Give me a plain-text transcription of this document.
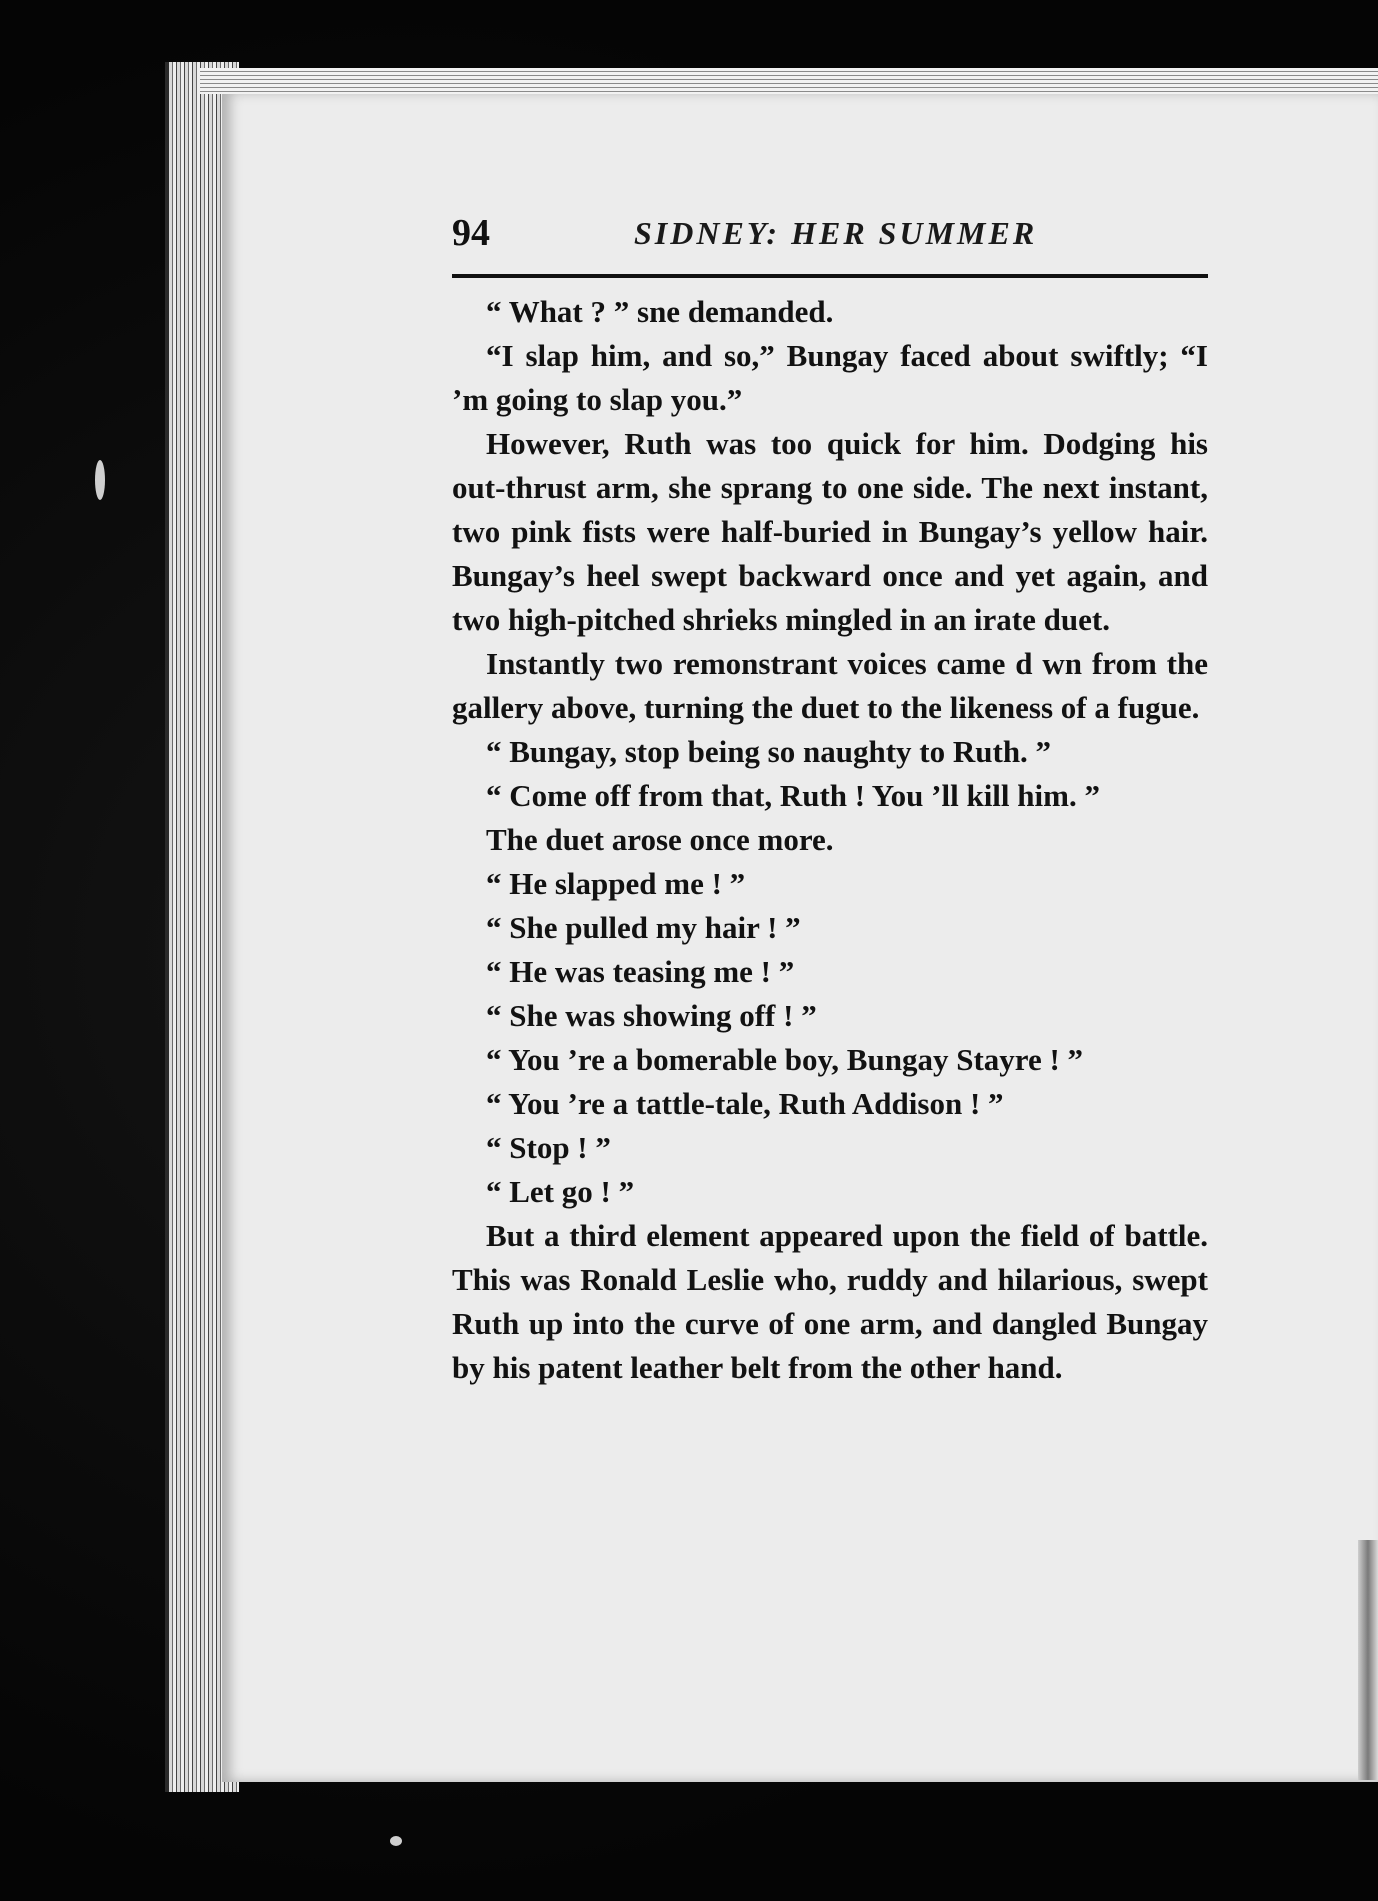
94	SIDNEY: HER SUMMER

“ What ? ” sne demanded.

“I slap him, and so,” Bungay faced about swiftly; “I ’m going to slap you.”

However, Ruth was too quick for him. Dodging his out-thrust arm, she sprang to one side. The next instant, two pink fists were half-buried in Bungay’s yellow hair. Bungay’s heel swept backward once and yet again, and two high-pitched shrieks mingled in an irate duet.

Instantly two remonstrant voices came d wn from the gallery above, turning the duet to the likeness of a fugue.

“ Bungay, stop being so naughty to Ruth. ”

“ Come off from that, Ruth ! You ’ll kill him. ”

The duet arose once more.

“ He slapped me ! ”

“ She pulled my hair ! ”

“ He was teasing me ! ”

“ She was showing off ! ”

“ You ’re a bomerable boy, Bungay Stayre ! ”

“ You ’re a tattle-tale, Ruth Addison ! ”

“ Stop ! ”

“ Let go ! ”

But a third element appeared upon the field of battle. This was Ronald Leslie who, ruddy and hilarious, swept Ruth up into the curve of one arm, and dangled Bungay by his patent leather belt from the other hand.
